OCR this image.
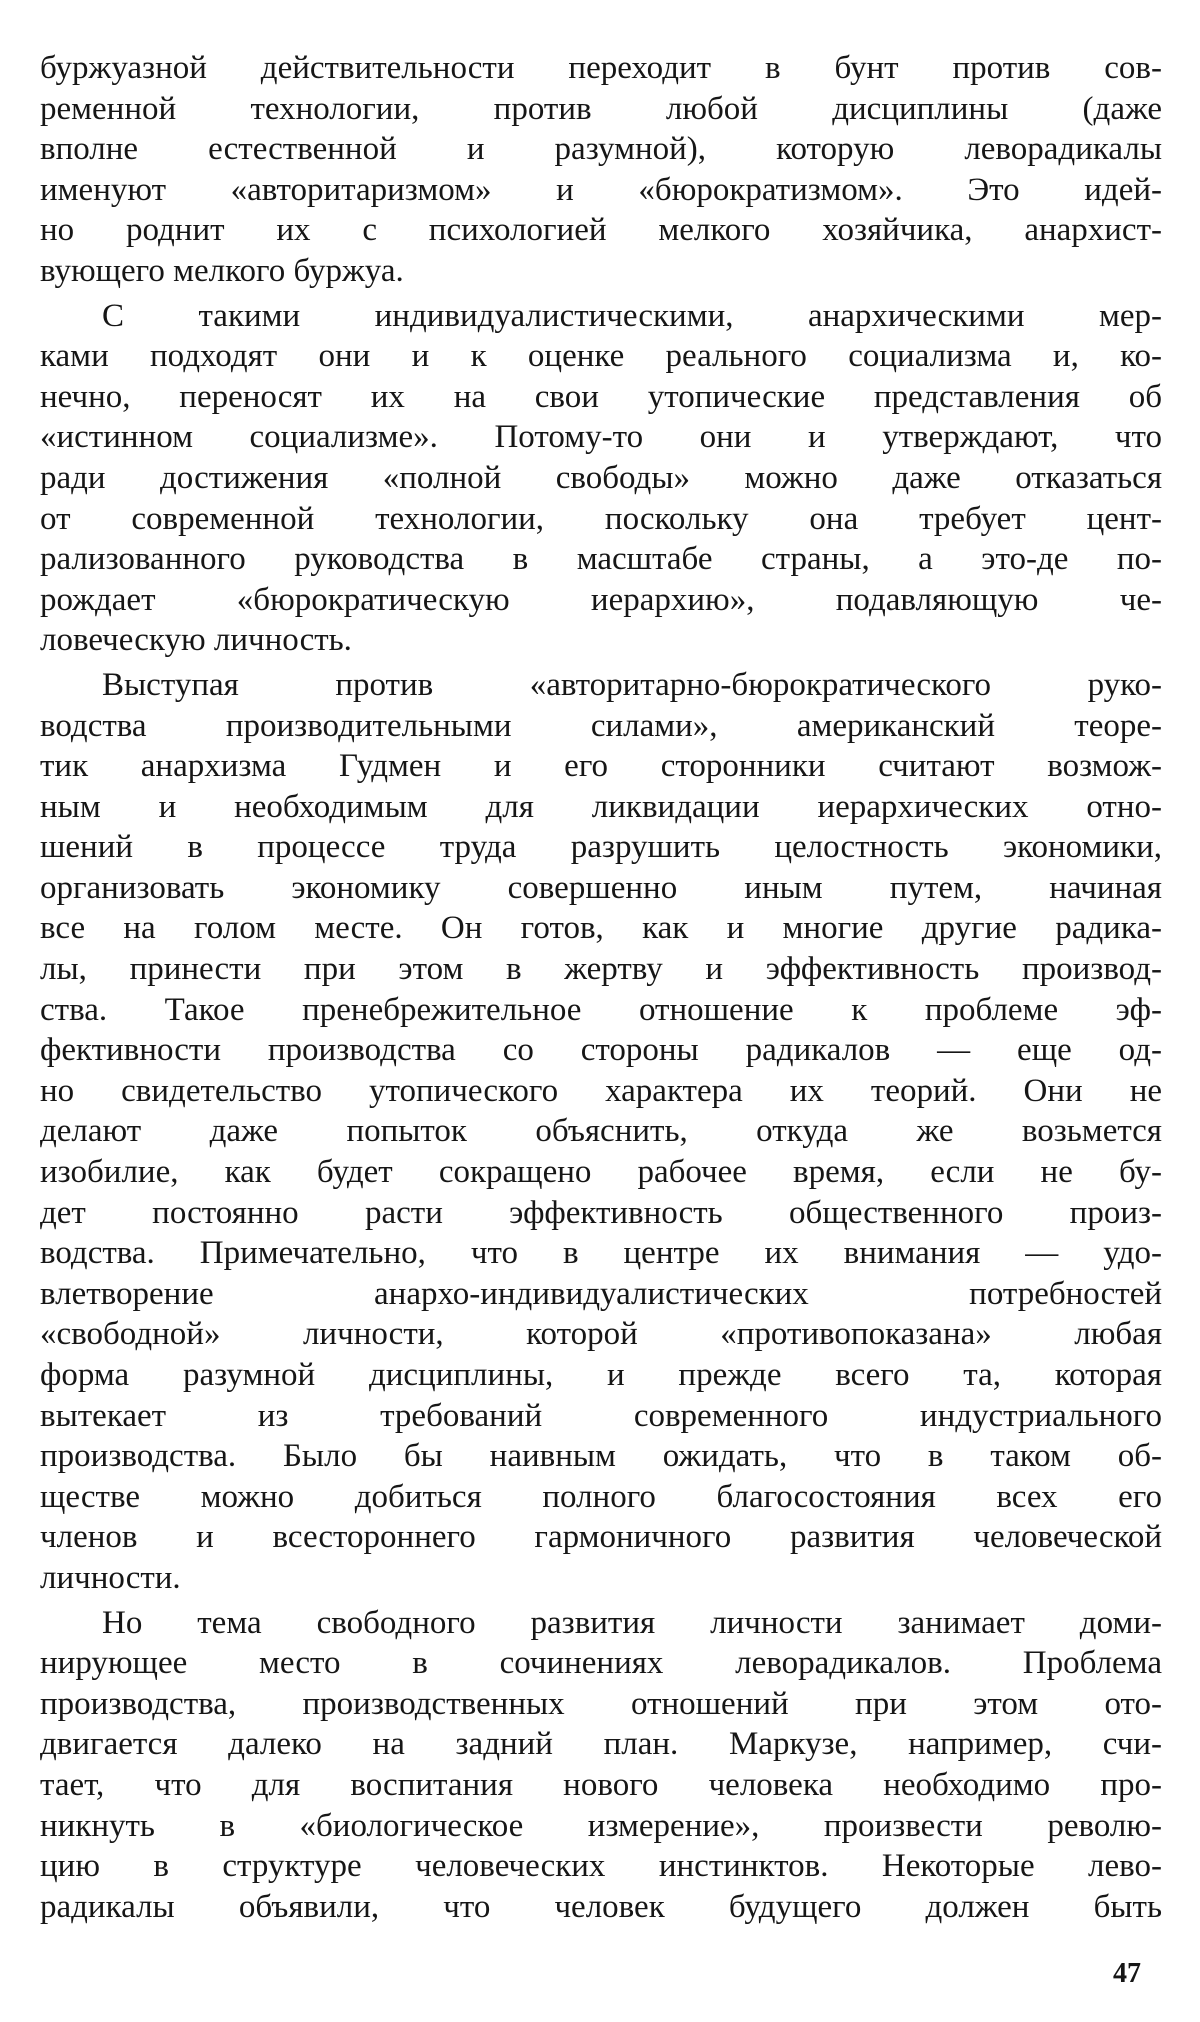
буржуазной действительности переходит в бунт против сов-
ременной технологии, против любой дисциплины (даже
вполне естественной и разумной), которую леворадикалы
именуют «авторитаризмом» и «бюрократизмом». Это идей-
но роднит их с психологией мелкого хозяйчика, анархист-
вующего мелкого буржуа.
С такими индивидуалистическими, анархическими мер-
ками подходят они и к оценке реального социализма и, ко-
нечно, переносят их на свои утопические представления об
«истинном социализме». Потому-то они и утверждают, что
ради достижения «полной свободы» можно даже отказаться
от современной технологии, поскольку она требует цент-
рализованного руководства в масштабе страны, а это-де по-
рождает «бюрократическую иерархию», подавляющую че-
ловеческую личность.
Выступая против «авторитарно-бюрократического руко-
водства производительными силами», американский теоре-
тик анархизма Гудмен и его сторонники считают возмож-
ным и необходимым для ликвидации иерархических отно-
шений в процессе труда разрушить целостность экономики,
организовать экономику совершенно иным путем, начиная
все на голом месте. Он готов, как и многие другие радика-
лы, принести при этом в жертву и эффективность производ-
ства. Такое пренебрежительное отношение к проблеме эф-
фективности производства со стороны радикалов — еще од-
но свидетельство утопического характера их теорий. Они не
делают даже попыток объяснить, откуда же возьмется
изобилие, как будет сокращено рабочее время, если не бу-
дет постоянно расти эффективность общественного произ-
водства. Примечательно, что в центре их внимания — удо-
влетворение анархо-индивидуалистических потребностей
«свободной» личности, которой «противопоказана» любая
форма разумной дисциплины, и прежде всего та, которая
вытекает из требований современного индустриального
производства. Было бы наивным ожидать, что в таком об-
ществе можно добиться полного благосостояния всех его
членов и всестороннего гармоничного развития человеческой
личности.
Но тема свободного развития личности занимает доми-
нирующее место в сочинениях леворадикалов. Проблема
производства, производственных отношений при этом ото-
двигается далеко на задний план. Маркузе, например, счи-
тает, что для воспитания нового человека необходимо про-
никнуть в «биологическое измерение», произвести револю-
цию в структуре человеческих инстинктов. Некоторые лево-
радикалы объявили, что человек будущего должен быть
47
